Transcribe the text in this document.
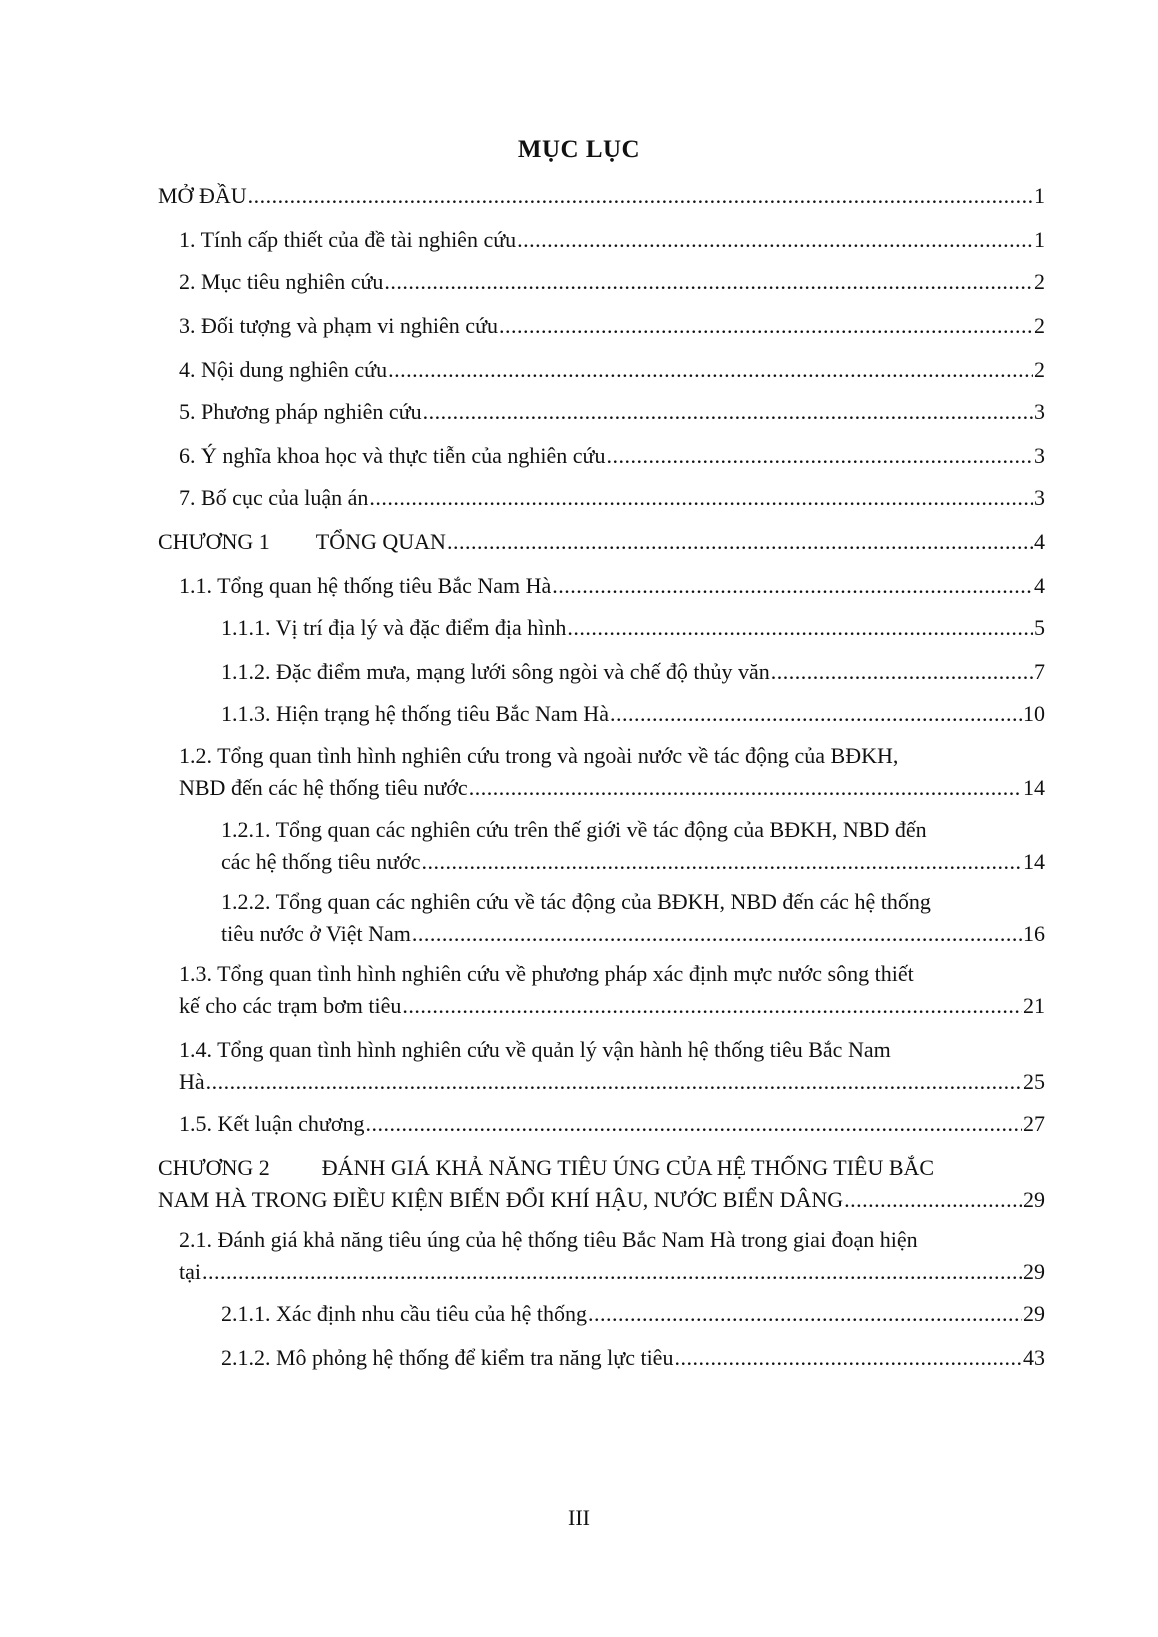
MỤC LỤC
MỞ ĐẦU .....	1
1. Tính cấp thiết của đề tài nghiên cứu .....	1
2. Mục tiêu nghiên cứu .....	2
3. Đối tượng và phạm vi nghiên cứu .....	2
4. Nội dung nghiên cứu .....	2
5. Phương pháp nghiên cứu .....	3
6. Ý nghĩa khoa học và thực tiễn của nghiên cứu .....	3
7. Bố cục của luận án .....	3
CHƯƠNG 1 TỔNG QUAN .....	4
1.1. Tổng quan hệ thống tiêu Bắc Nam Hà .....	4
1.1.1. Vị trí địa lý và đặc điểm địa hình .....	5
1.1.2. Đặc điểm mưa, mạng lưới sông ngòi và chế độ thủy văn .....	7
1.1.3. Hiện trạng hệ thống tiêu Bắc Nam Hà .....	10
1.2. Tổng quan tình hình nghiên cứu trong và ngoài nước về tác động của BĐKH,
NBD đến các hệ thống tiêu nước .....	14
1.2.1. Tổng quan các nghiên cứu trên thế giới về tác động của BĐKH, NBD đến
các hệ thống tiêu nước .....	14
1.2.2. Tổng quan các nghiên cứu về tác động của BĐKH, NBD đến các hệ thống
tiêu nước ở Việt Nam .....	16
1.3. Tổng quan tình hình nghiên cứu về phương pháp xác định mực nước sông thiết
kế cho các trạm bơm tiêu .....	21
1.4. Tổng quan tình hình nghiên cứu về quản lý vận hành hệ thống tiêu Bắc Nam
Hà .....	25
1.5. Kết luận chương .....	27
CHƯƠNG 2 ĐÁNH GIÁ KHẢ NĂNG TIÊU ÚNG CỦA HỆ THỐNG TIÊU BẮC
NAM HÀ TRONG ĐIỀU KIỆN BIẾN ĐỔI KHÍ HẬU, NƯỚC BIỂN DÂNG .....	29
2.1. Đánh giá khả năng tiêu úng của hệ thống tiêu Bắc Nam Hà trong giai đoạn hiện
tại .....	29
2.1.1. Xác định nhu cầu tiêu của hệ thống .....	29
2.1.2. Mô phỏng hệ thống để kiểm tra năng lực tiêu .....	43
III
